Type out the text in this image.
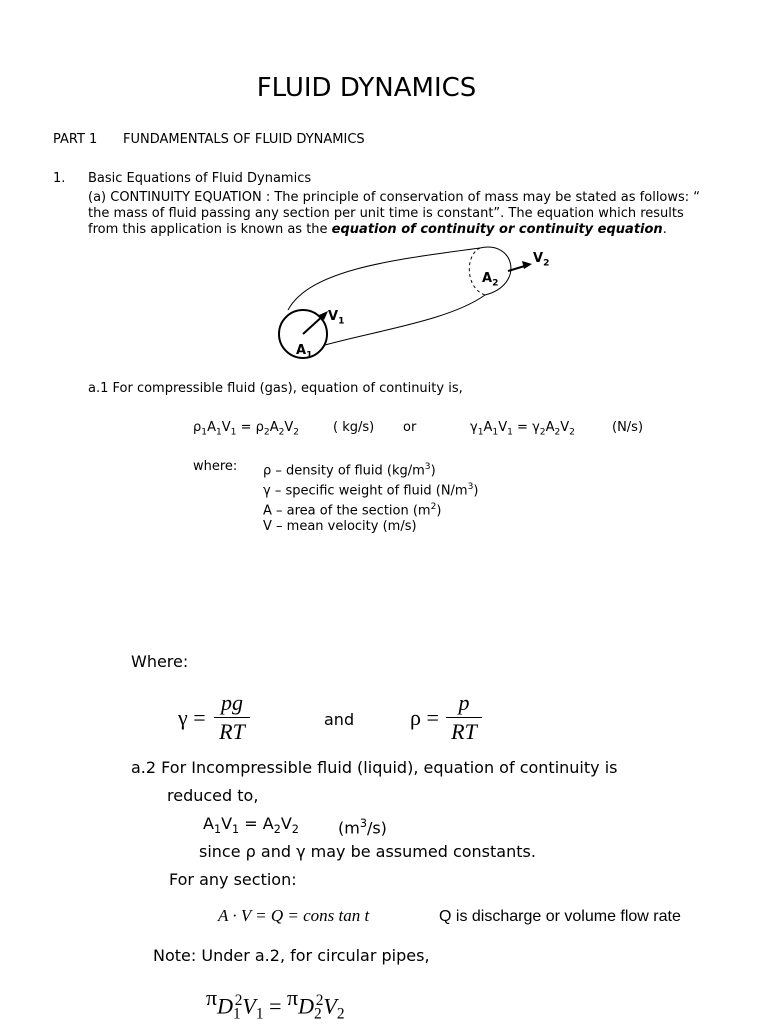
FLUID DYNAMICS
PART 1 FUNDAMENTALS OF FLUID DYNAMICS
1. Basic Equations of Fluid Dynamics
(a) CONTINUITY EQUATION : The principle of conservation of mass may be stated as follows: “
the mass of fluid passing any section per unit time is constant”. The equation which results
from this application is known as the equation of continuity or continuity equation.
$V_1$
$A_1$
$V_2$
$A_2$
a.1 For compressible fluid (gas), equation of continuity is,
$\rho_1A_1V_1 = \rho_2A_2V_2$	( kg/s) or	$\gamma_1A_1V_1 = \gamma_2A_2V_2$	(N/s)
where: ρ – density of fluid $(kg/m^3)$
γ – specific weight of fluid $(N/m^3)$
A – area of the section $(m^2)$
V – mean velocity (m/s)
Where:
γ =
pg
RT	and	ρ =
p
RT
a.2 For Incompressible fluid (liquid), equation of continuity is
reduced to,
$A_1V_1 = A_2V_2$ $(m^3/s)$
since ρ and γ may be assumed constants.
For any section:
A · V = Q = cons tan t	Q is discharge or volume flow rate
Note: Under a.2, for circular pipes,
$\pi D_1^2V_1 = \pi D_2^2V_2$
